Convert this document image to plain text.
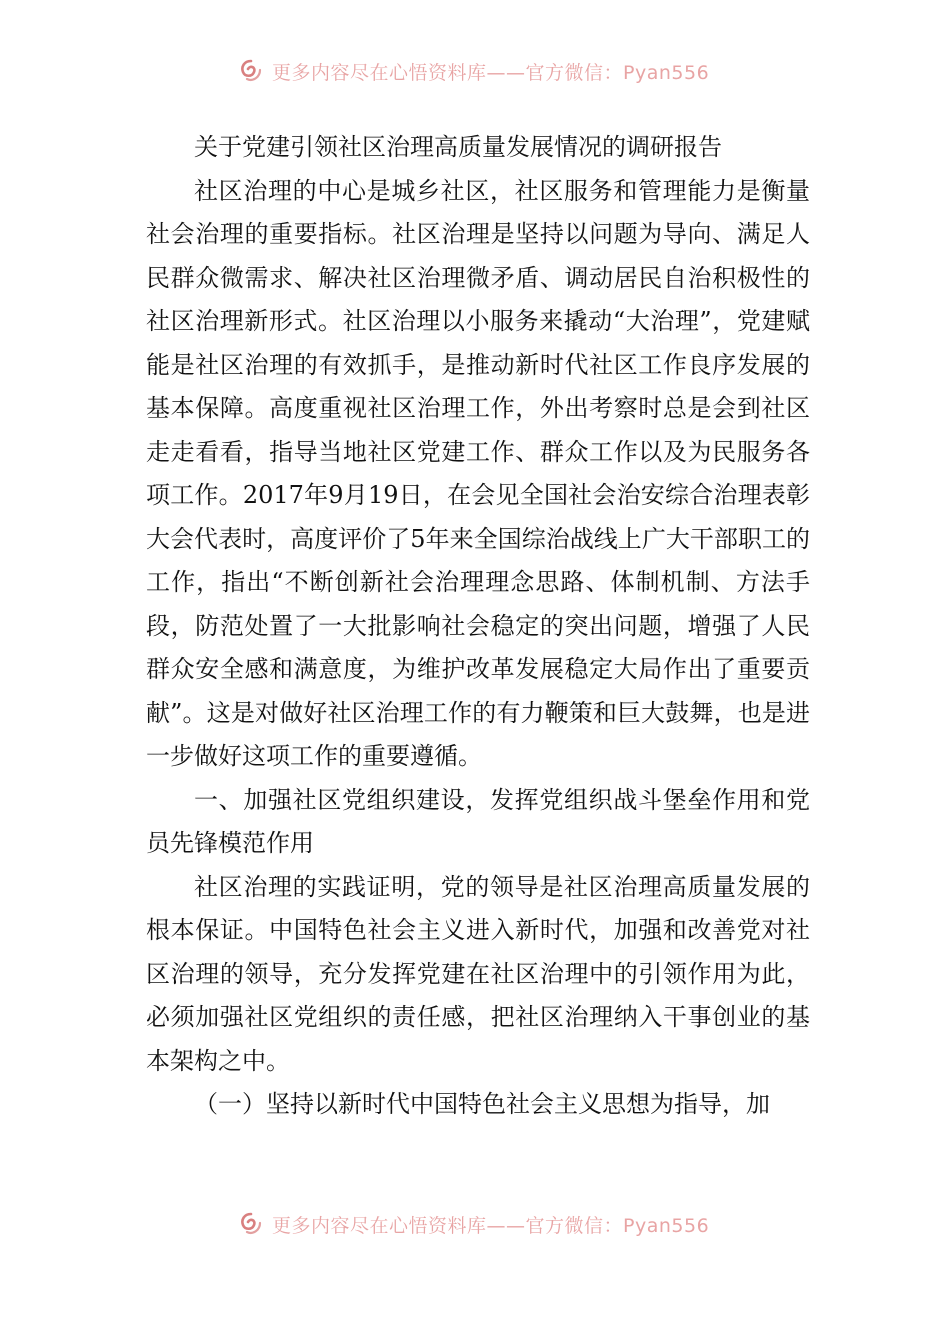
更多内容尽在心悟资料库——官方微信：Pyan556

关于党建引领社区治理高质量发展情况的调研报告

社区治理的中心是城乡社区，社区服务和管理能力是衡量社会治理的重要指标。社区治理是坚持以问题为导向、满足人民群众微需求、解决社区治理微矛盾、调动居民自治积极性的社区治理新形式。社区治理以小服务来撬动“大治理”，党建赋能是社区治理的有效抓手，是推动新时代社区工作良序发展的基本保障。高度重视社区治理工作，外出考察时总是会到社区走走看看，指导当地社区党建工作、群众工作以及为民服务各项工作。2017年9月19日，在会见全国社会治安综合治理表彰大会代表时，高度评价了5年来全国综治战线上广大干部职工的工作，指出“不断创新社会治理理念思路、体制机制、方法手段，防范处置了一大批影响社会稳定的突出问题，增强了人民群众安全感和满意度，为维护改革发展稳定大局作出了重要贡献”。这是对做好社区治理工作的有力鞭策和巨大鼓舞，也是进一步做好这项工作的重要遵循。

一、加强社区党组织建设，发挥党组织战斗堡垒作用和党员先锋模范作用

社区治理的实践证明，党的领导是社区治理高质量发展的根本保证。中国特色社会主义进入新时代，加强和改善党对社区治理的领导，充分发挥党建在社区治理中的引领作用为此，必须加强社区党组织的责任感，把社区治理纳入干事创业的基本架构之中。

（一）坚持以新时代中国特色社会主义思想为指导，加

更多内容尽在心悟资料库——官方微信：Pyan556
